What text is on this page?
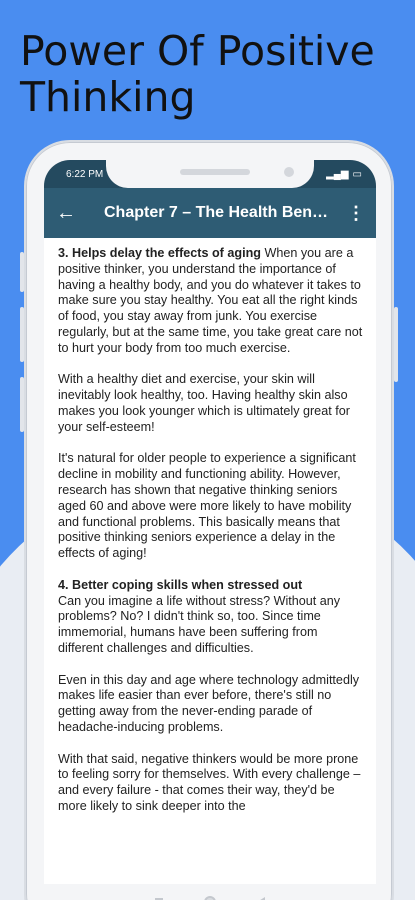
Power Of Positive Thinking
6:22 PM	▂▄▆ ▭
←	Chapter 7 – The Health Ben…	⋮

3. Helps delay the effects of aging When you are a positive thinker, you understand the importance of having a healthy body, and you do whatever it takes to make sure you stay healthy. You eat all the right kinds of food, you stay away from junk. You exercise regularly, but at the same time, you take great care not to hurt your body from too much exercise.

With a healthy diet and exercise, your skin will inevitably look healthy, too. Having healthy skin also makes you look younger which is ultimately great for your self-esteem!

It's natural for older people to experience a significant decline in mobility and functioning ability. However, research has shown that negative thinking seniors aged 60 and above were more likely to have mobility and functional problems. This basically means that positive thinking seniors experience a delay in the effects of aging!

4. Better coping skills when stressed out
Can you imagine a life without stress? Without any problems? No? I didn't think so, too. Since time immemorial, humans have been suffering from different challenges and difficulties.

Even in this day and age where technology admittedly makes life easier than ever before, there's still no getting away from the never-ending parade of headache-inducing problems.

With that said, negative thinkers would be more prone to feeling sorry for themselves. With every challenge – and every failure - that comes their way, they'd be more likely to sink deeper into the
